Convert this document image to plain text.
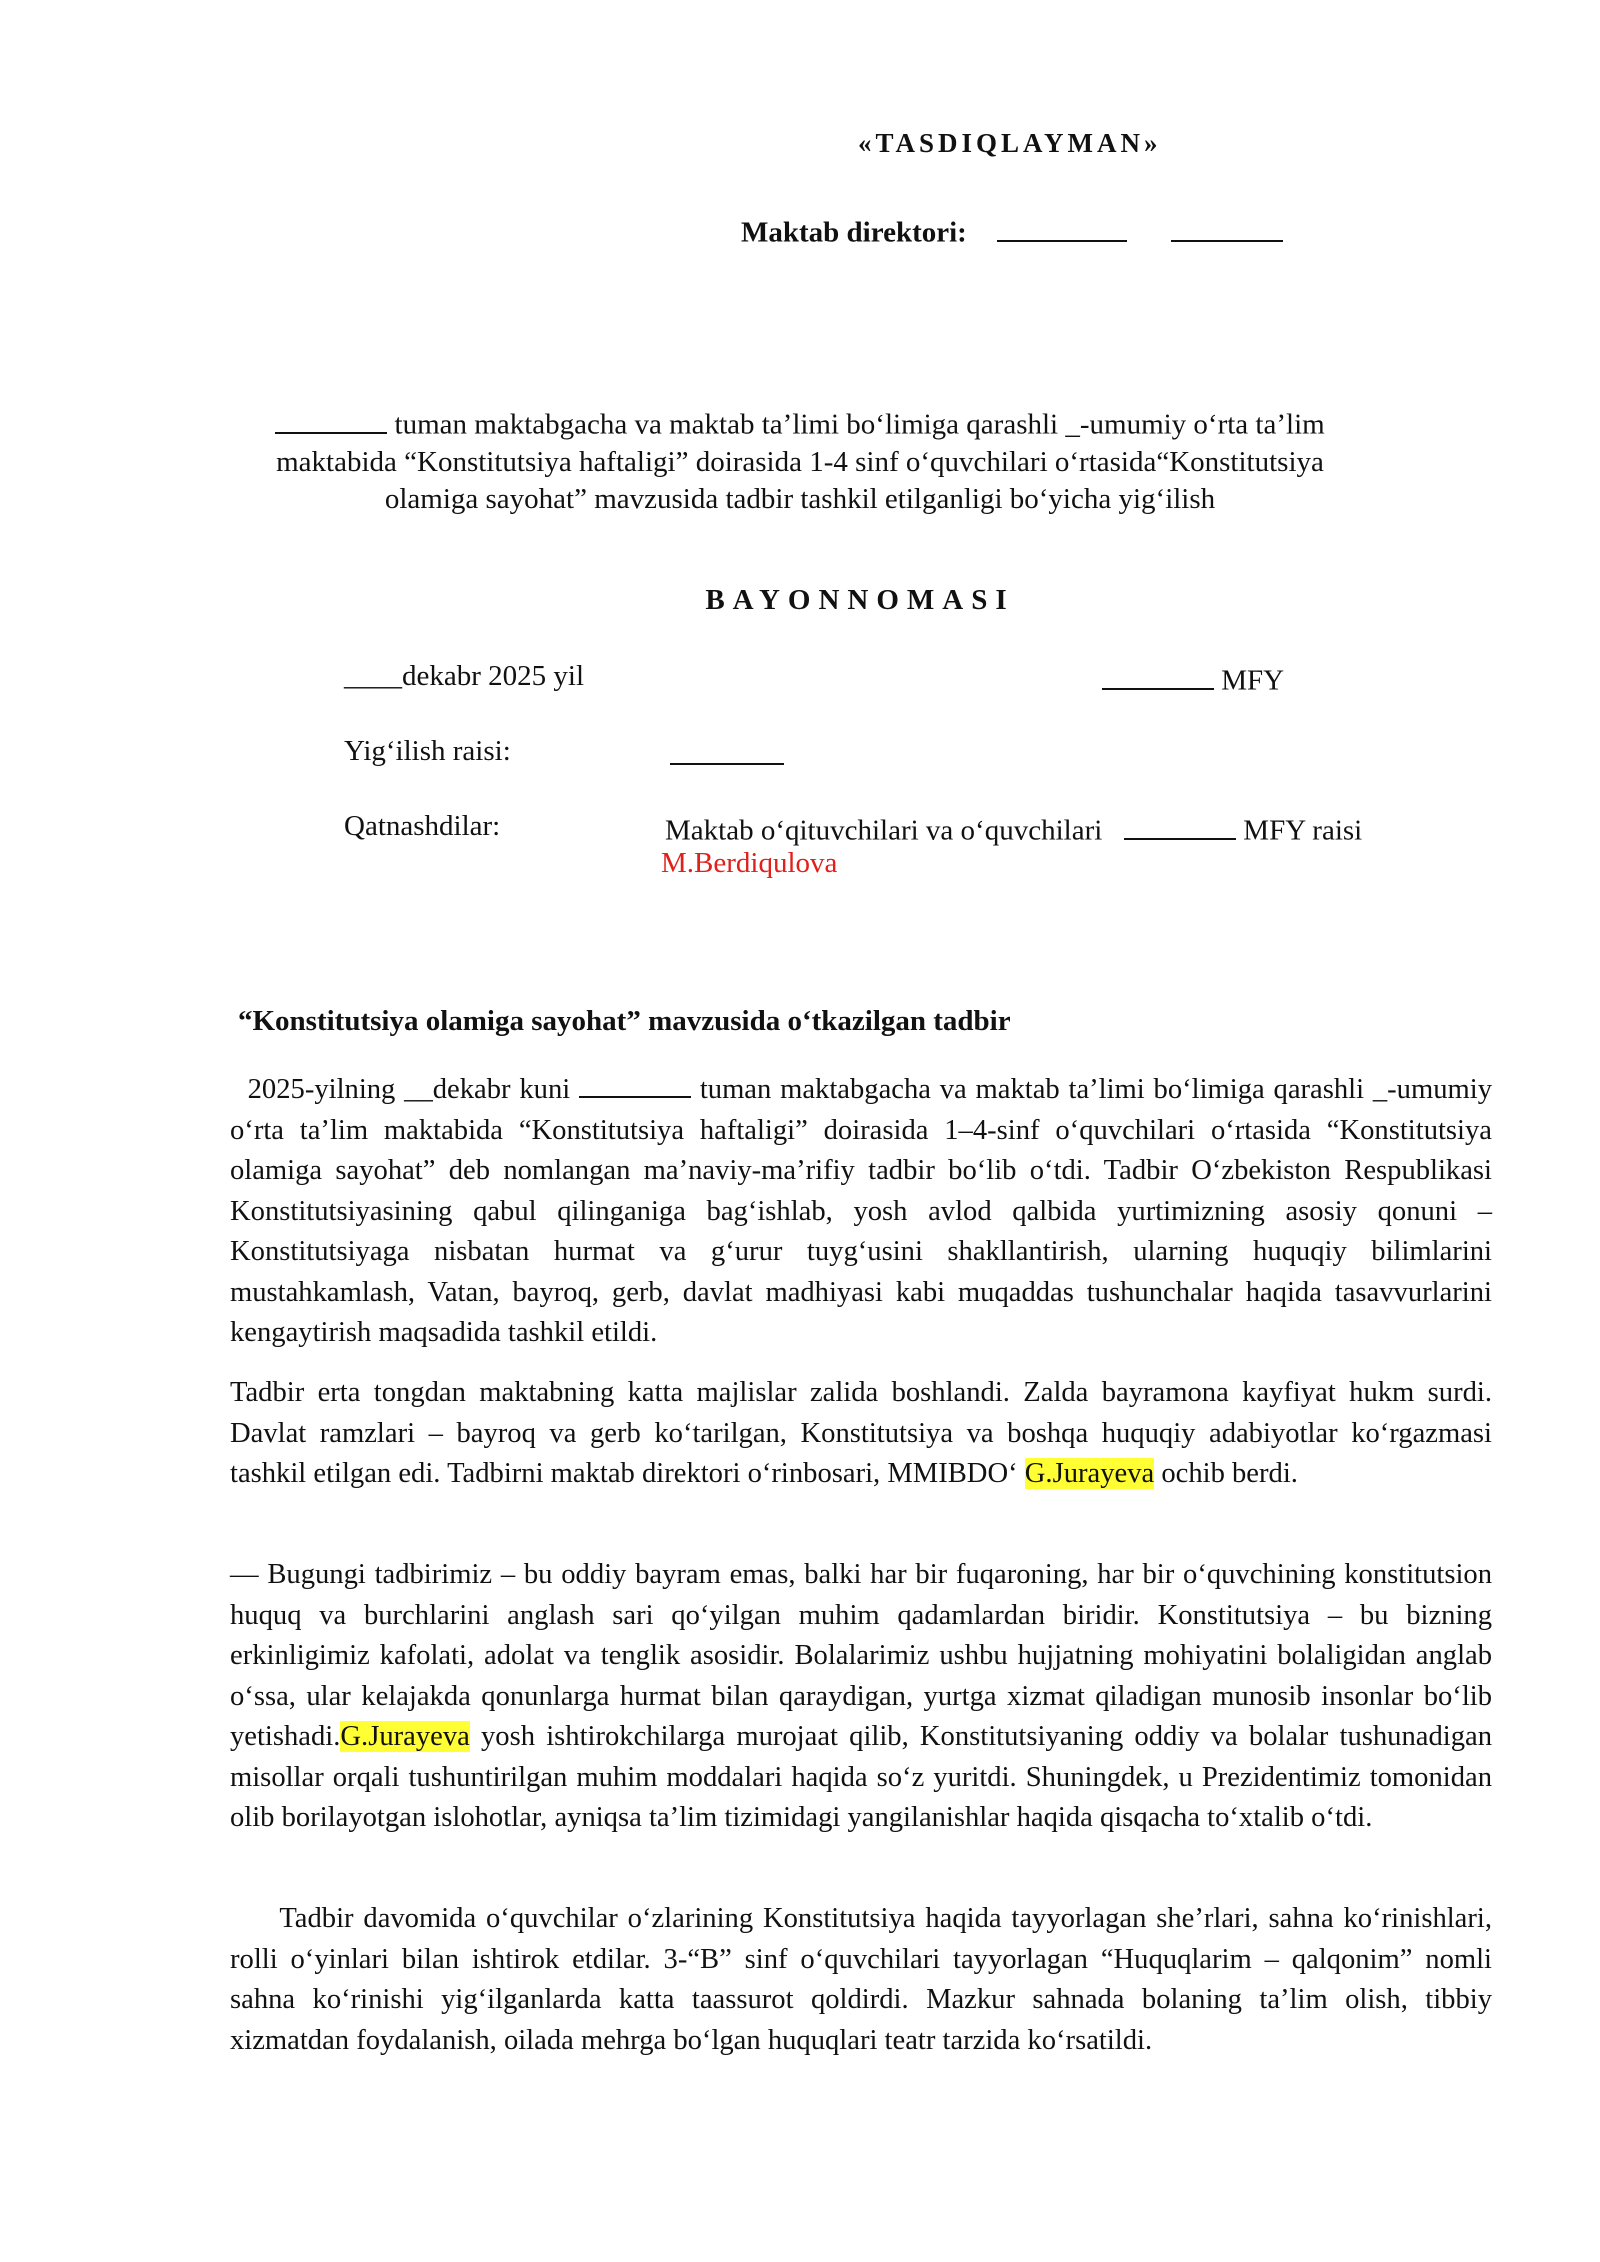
«TASDIQLAYMAN»
Maktab direktori:
tuman maktabgacha va maktab ta’limi bo‘limiga qarashli _-umumiy o‘rta ta’lim
maktabida “Konstitutsiya haftaligi” doirasida 1-4 sinf o‘quvchilari o‘rtasida“Konstitutsiya
olamiga sayohat” mavzusida tadbir tashkil etilganligi bo‘yicha yig‘ilish
BAYONNOMASI
____dekabr 2025 yil	MFY
Yig‘ilish raisi:
Qatnashdilar:	Maktab o‘qituvchilari va o‘quvchilari	MFY raisi
M.Berdiqulova
“Konstitutsiya olamiga sayohat” mavzusida o‘tkazilgan tadbir
2025-yilning __dekabr kuni	tuman maktabgacha va maktab ta’limi bo‘limiga qarashli _-umumiy o‘rta ta’lim maktabida “Konstitutsiya haftaligi” doirasida 1–4-sinf o‘quvchilari o‘rtasida “Konstitutsiya olamiga sayohat” deb nomlangan ma’naviy-ma’rifiy tadbir bo‘lib o‘tdi. Tadbir O‘zbekiston Respublikasi Konstitutsiyasining qabul qilinganiga bag‘ishlab, yosh avlod qalbida yurtimizning asosiy qonuni – Konstitutsiyaga nisbatan hurmat va g‘urur tuyg‘usini shakllantirish, ularning huquqiy bilimlarini mustahkamlash, Vatan, bayroq, gerb, davlat madhiyasi kabi muqaddas tushunchalar haqida tasavvurlarini kengaytirish maqsadida tashkil etildi.
Tadbir erta tongdan maktabning katta majlislar zalida boshlandi. Zalda bayramona kayfiyat hukm surdi. Davlat ramzlari – bayroq va gerb ko‘tarilgan, Konstitutsiya va boshqa huquqiy adabiyotlar ko‘rgazmasi tashkil etilgan edi. Tadbirni maktab direktori o‘rinbosari, MMIBDO‘ G.Jurayeva ochib berdi.
— Bugungi tadbirimiz – bu oddiy bayram emas, balki har bir fuqaroning, har bir o‘quvchining konstitutsion huquq va burchlarini anglash sari qo‘yilgan muhim qadamlardan biridir. Konstitutsiya – bu bizning erkinligimiz kafolati, adolat va tenglik asosidir. Bolalarimiz ushbu hujjatning mohiyatini bolaligidan anglab o‘ssa, ular kelajakda qonunlarga hurmat bilan qaraydigan, yurtga xizmat qiladigan munosib insonlar bo‘lib yetishadi.G.Jurayeva yosh ishtirokchilarga murojaat qilib, Konstitutsiyaning oddiy va bolalar tushunadigan misollar orqali tushuntirilgan muhim moddalari haqida so‘z yuritdi. Shuningdek, u Prezidentimiz tomonidan olib borilayotgan islohotlar, ayniqsa ta’lim tizimidagi yangilanishlar haqida qisqacha to‘xtalib o‘tdi.
Tadbir davomida o‘quvchilar o‘zlarining Konstitutsiya haqida tayyorlagan she’rlari, sahna ko‘rinishlari, rolli o‘yinlari bilan ishtirok etdilar. 3-“B” sinf o‘quvchilari tayyorlagan “Huquqlarim – qalqonim” nomli sahna ko‘rinishi yig‘ilganlarda katta taassurot qoldirdi. Mazkur sahnada bolaning ta’lim olish, tibbiy xizmatdan foydalanish, oilada mehrga bo‘lgan huquqlari teatr tarzida ko‘rsatildi.
